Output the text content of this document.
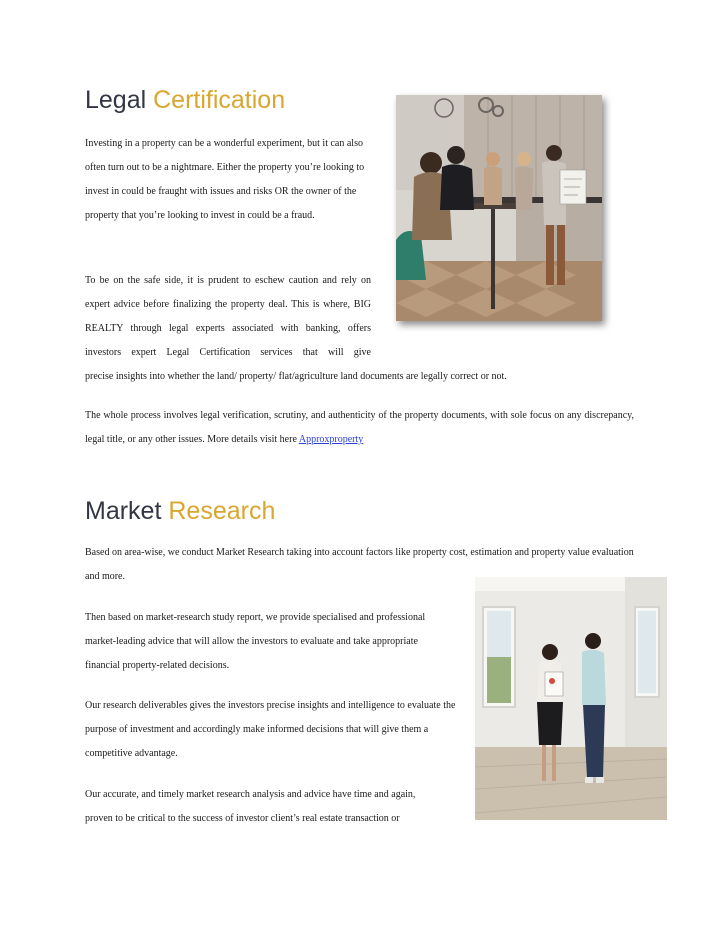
Legal Certification

Investing in a property can be a wonderful experiment, but it can also often turn out to be a nightmare. Either the property you’re looking to invest in could be fraught with issues and risks OR the owner of the property that you’re looking to invest in could be a fraud.

To be on the safe side, it is prudent to eschew caution and rely on expert advice before finalizing the property deal. This is where, BIG REALTY through legal experts associated with banking, offers investors expert Legal Certification services that will give

precise insights into whether the land/ property/ flat/agriculture land documents are legally correct or not.

The whole process involves legal verification, scrutiny, and authenticity of the property documents, with sole focus on any discrepancy, legal title, or any other issues. More details visit here Approxproperty

Market Research

Based on area-wise, we conduct Market Research taking into account factors like property cost, estimation and property value evaluation and more.

Then based on market-research study report, we provide specialised and professional market-leading advice that will allow the investors to evaluate and take appropriate financial property-related decisions.

Our research deliverables gives the investors precise insights and intelligence to evaluate the purpose of investment and accordingly make informed decisions that will give them a competitive advantage.

Our accurate, and timely market research analysis and advice have time and again, proven to be critical to the success of investor client’s real estate transaction or
